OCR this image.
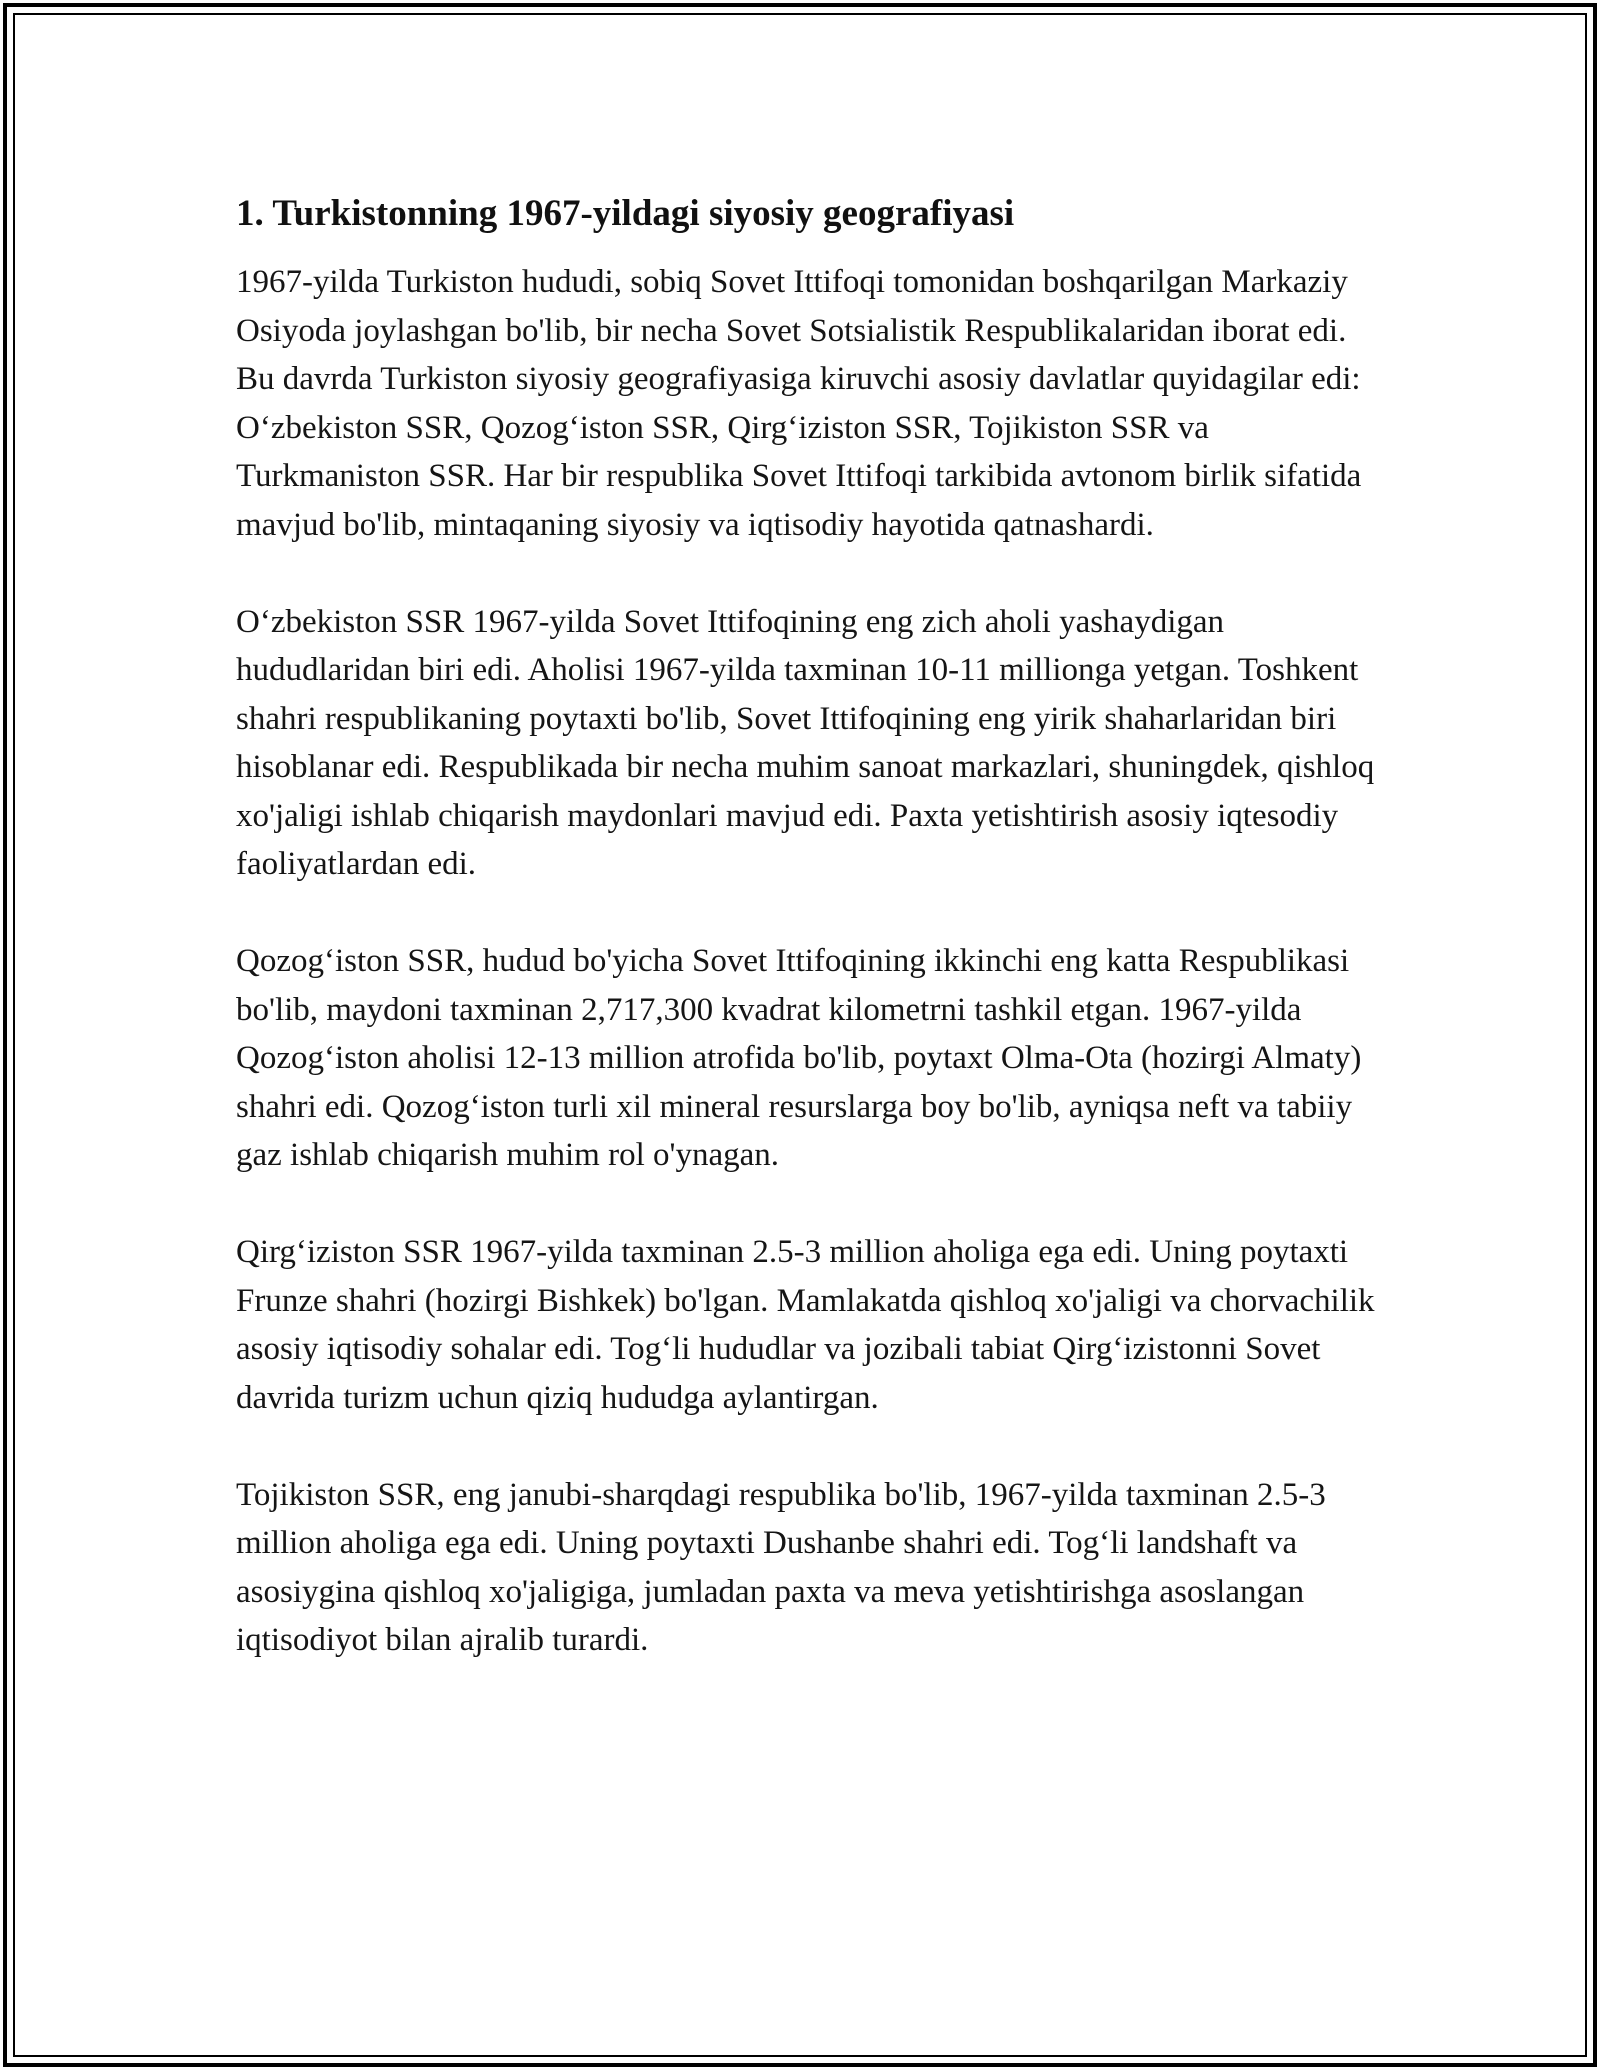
1. Turkistonning 1967-yildagi siyosiy geografiyasi

1967-yilda Turkiston hududi, sobiq Sovet Ittifoqi tomonidan boshqarilgan Markaziy Osiyoda joylashgan bo'lib, bir necha Sovet Sotsialistik Respublikalaridan iborat edi. Bu davrda Turkiston siyosiy geografiyasiga kiruvchi asosiy davlatlar quyidagilar edi: O‘zbekiston SSR, Qozog‘iston SSR, Qirg‘iziston SSR, Tojikiston SSR va Turkmaniston SSR. Har bir respublika Sovet Ittifoqi tarkibida avtonom birlik sifatida mavjud bo'lib, mintaqaning siyosiy va iqtisodiy hayotida qatnashardi.

O‘zbekiston SSR 1967-yilda Sovet Ittifoqining eng zich aholi yashaydigan hududlaridan biri edi. Aholisi 1967-yilda taxminan 10-11 millionga yetgan. Toshkent shahri respublikaning poytaxti bo'lib, Sovet Ittifoqining eng yirik shaharlaridan biri hisoblanar edi. Respublikada bir necha muhim sanoat markazlari, shuningdek, qishloq xo'jaligi ishlab chiqarish maydonlari mavjud edi. Paxta yetishtirish asosiy iqtesodiy faoliyatlardan edi.

Qozog‘iston SSR, hudud bo'yicha Sovet Ittifoqining ikkinchi eng katta Respublikasi bo'lib, maydoni taxminan 2,717,300 kvadrat kilometrni tashkil etgan. 1967-yilda Qozog‘iston aholisi 12-13 million atrofida bo'lib, poytaxt Olma-Ota (hozirgi Almaty) shahri edi. Qozog‘iston turli xil mineral resurslarga boy bo'lib, ayniqsa neft va tabiiy gaz ishlab chiqarish muhim rol o'ynagan.

Qirg‘iziston SSR 1967-yilda taxminan 2.5-3 million aholiga ega edi. Uning poytaxti Frunze shahri (hozirgi Bishkek) bo'lgan. Mamlakatda qishloq xo'jaligi va chorvachilik asosiy iqtisodiy sohalar edi. Tog‘li hududlar va jozibali tabiat Qirg‘izistonni Sovet davrida turizm uchun qiziq hududga aylantirgan.

Tojikiston SSR, eng janubi-sharqdagi respublika bo'lib, 1967-yilda taxminan 2.5-3 million aholiga ega edi. Uning poytaxti Dushanbe shahri edi. Tog‘li landshaft va asosiygina qishloq xo'jaligiga, jumladan paxta va meva yetishtirishga asoslangan iqtisodiyot bilan ajralib turardi.
